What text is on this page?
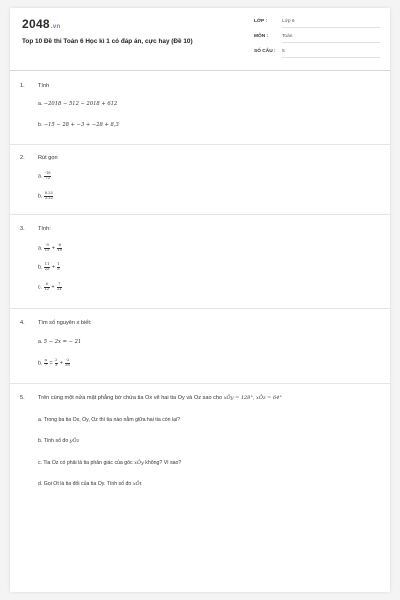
2048.vn
Top 10 Đề thi Toán 6 Học kì 1 có đáp án, cực hay (Đề 10)
LỚP :	Lớp 6
MÔN :	Toán
SỐ CÂU : 5
1. Tính
a. −2018 − 512 − 2018 + 612
b. −15 − 28 + −3 + −28 + 8,3
2. Rút gọn
a. $\frac{-18}{72}$
b. $\frac{8.25}{3.22}$
3. Tính:
a. $\frac{-9}{15} + \frac{-6}{15}$
b. $\frac{11}{25} + \frac{1}{5}$
c. $\frac{6}{12} + \frac{7}{21}$
4. Tìm số nguyên x biết:
a. 5 − 2x = − 21
b. $\frac{x}{7} = \frac{2}{3} + \frac{-2}{35}$
5. Trên cùng một nửa mặt phẳng bờ chứa tia Ox vẽ hai tia Oy và Oz sao cho xÔy = 128°, xÔz = 64°
a. Trong ba tia Ox, Oy, Oz thì tia nào nằm giữa hai tia còn lại?
b. Tính số đo yÔz
c. Tia Oz có phải là tia phân giác của góc xÔy không? Vì sao?
d. Gọi Ot là tia đối của tia Oy. Tính số đo xÔt
